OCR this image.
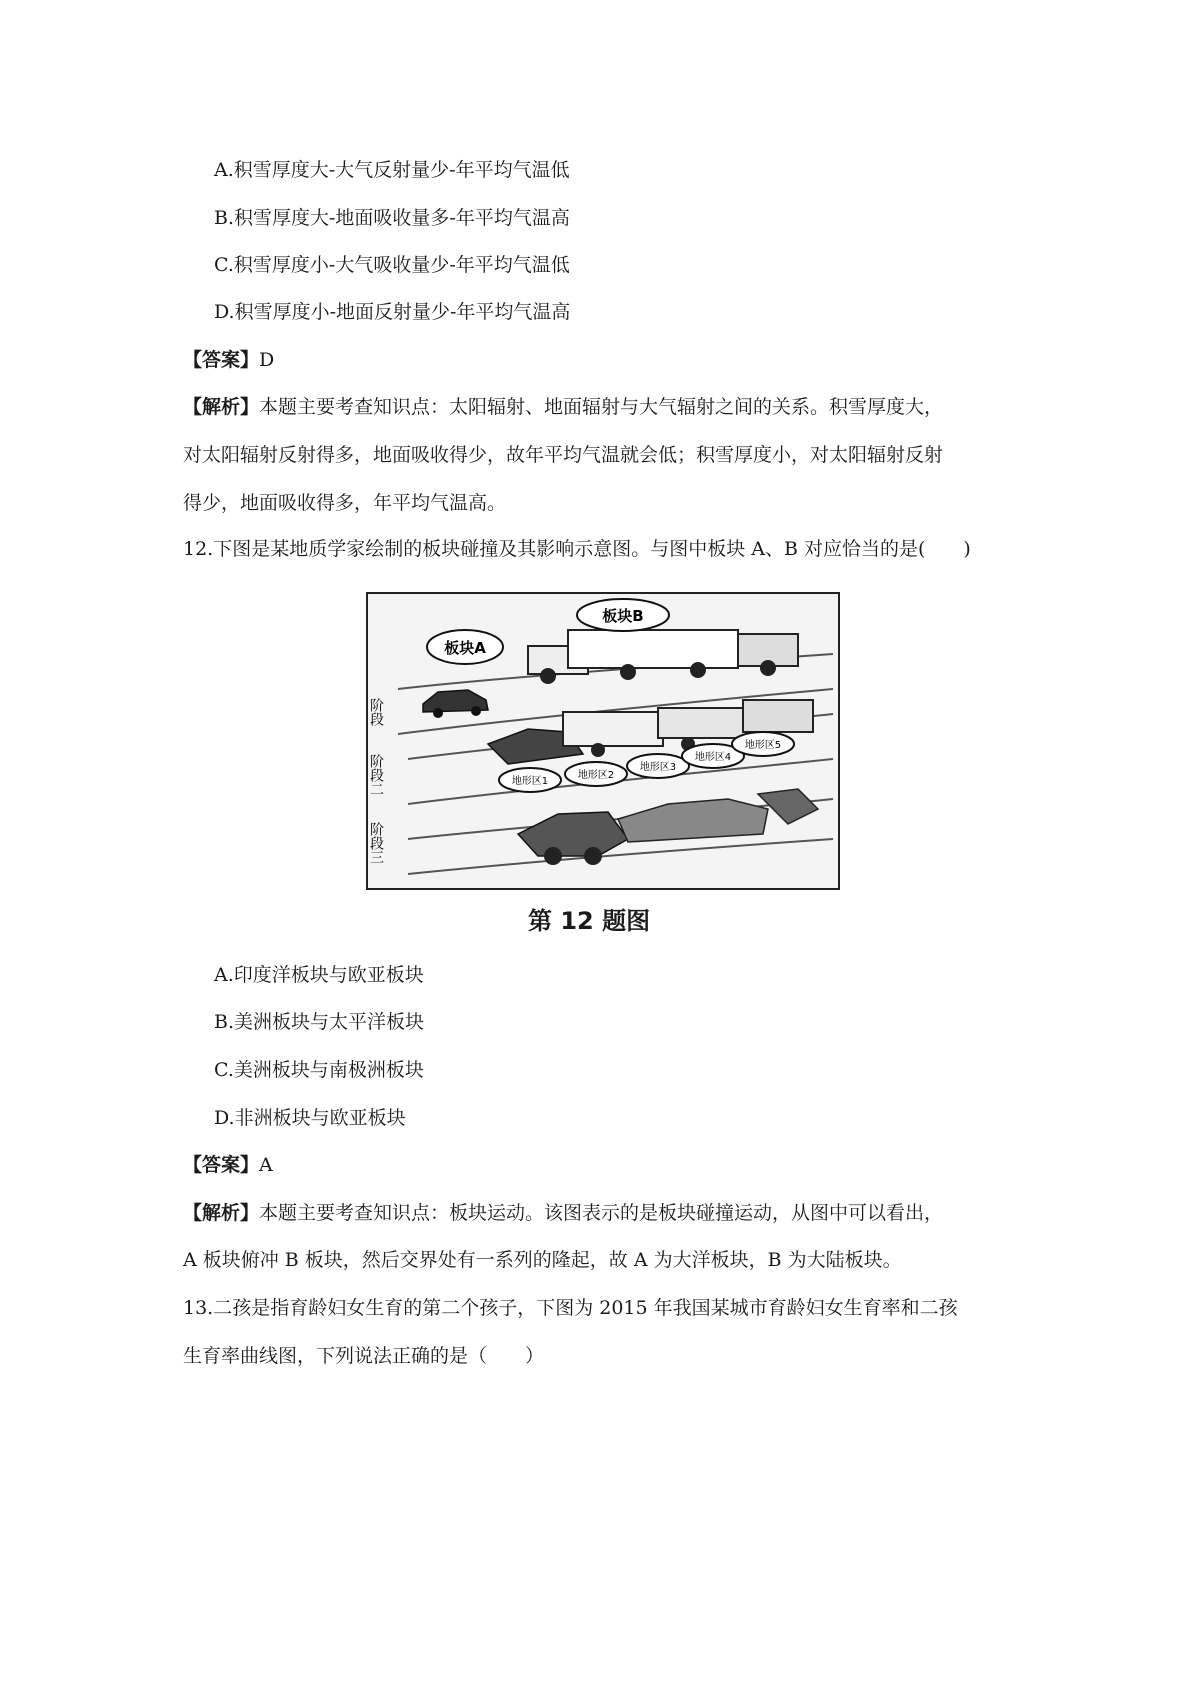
A.积雪厚度大-大气反射量少-年平均气温低
B.积雪厚度大-地面吸收量多-年平均气温高
C.积雪厚度小-大气吸收量少-年平均气温低
D.积雪厚度小-地面反射量少-年平均气温高
【答案】D
【解析】本题主要考查知识点：太阳辐射、地面辐射与大气辐射之间的关系。积雪厚度大，
对太阳辐射反射得多，地面吸收得少，故年平均气温就会低；积雪厚度小，对太阳辐射反射
得少，地面吸收得多，年平均气温高。
12.下图是某地质学家绘制的板块碰撞及其影响示意图。与图中板块 A、B 对应恰当的是(　　)
板块A
板块B
地形区1
地形区2
地形区3
地形区4
地形区5
阶段
阶段二
阶段三
第 12 题图
A.印度洋板块与欧亚板块
B.美洲板块与太平洋板块
C.美洲板块与南极洲板块
D.非洲板块与欧亚板块
【答案】A
【解析】本题主要考查知识点：板块运动。该图表示的是板块碰撞运动，从图中可以看出，
A 板块俯冲 B 板块，然后交界处有一系列的隆起，故 A 为大洋板块，B 为大陆板块。
13.二孩是指育龄妇女生育的第二个孩子，下图为 2015 年我国某城市育龄妇女生育率和二孩
生育率曲线图，下列说法正确的是（　　）
